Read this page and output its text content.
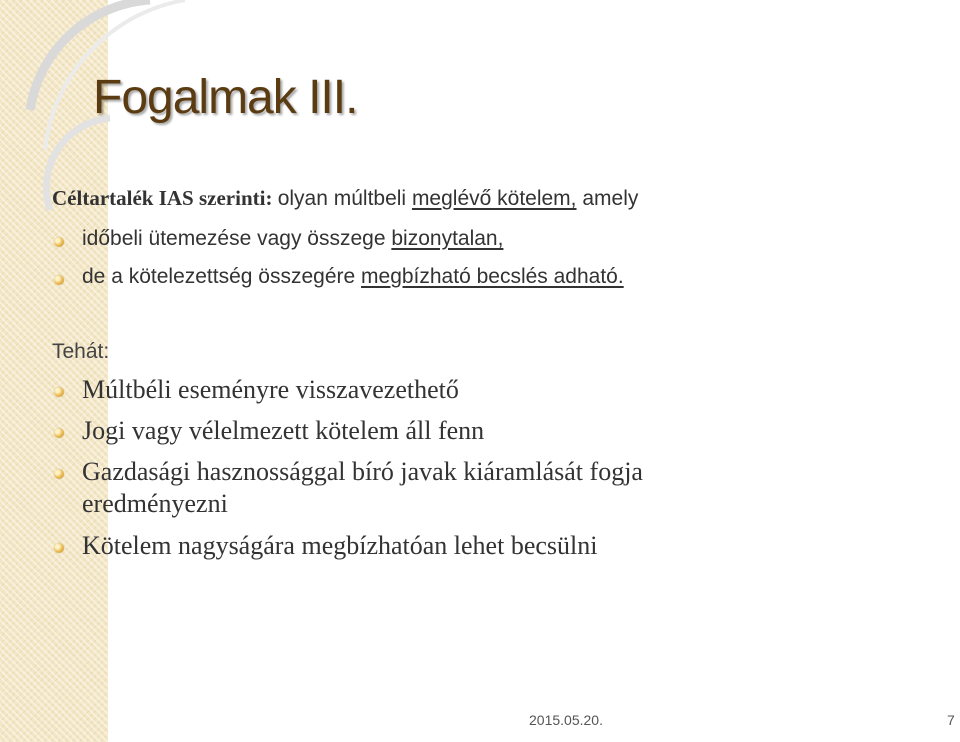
Fogalmak III.
Céltartalék IAS szerinti: olyan múltbeli meglévő kötelem, amely
időbeli ütemezése vagy összege bizonytalan,
de a kötelezettség összegére megbízható becslés adható.
Tehát:
Múltbéli eseményre visszavezethető
Jogi vagy vélelmezett kötelem áll fenn
Gazdasági hasznossággal bíró javak kiáramlását fogja
eredményezni
Kötelem nagyságára megbízhatóan lehet becsülni
2015.05.20.	7
